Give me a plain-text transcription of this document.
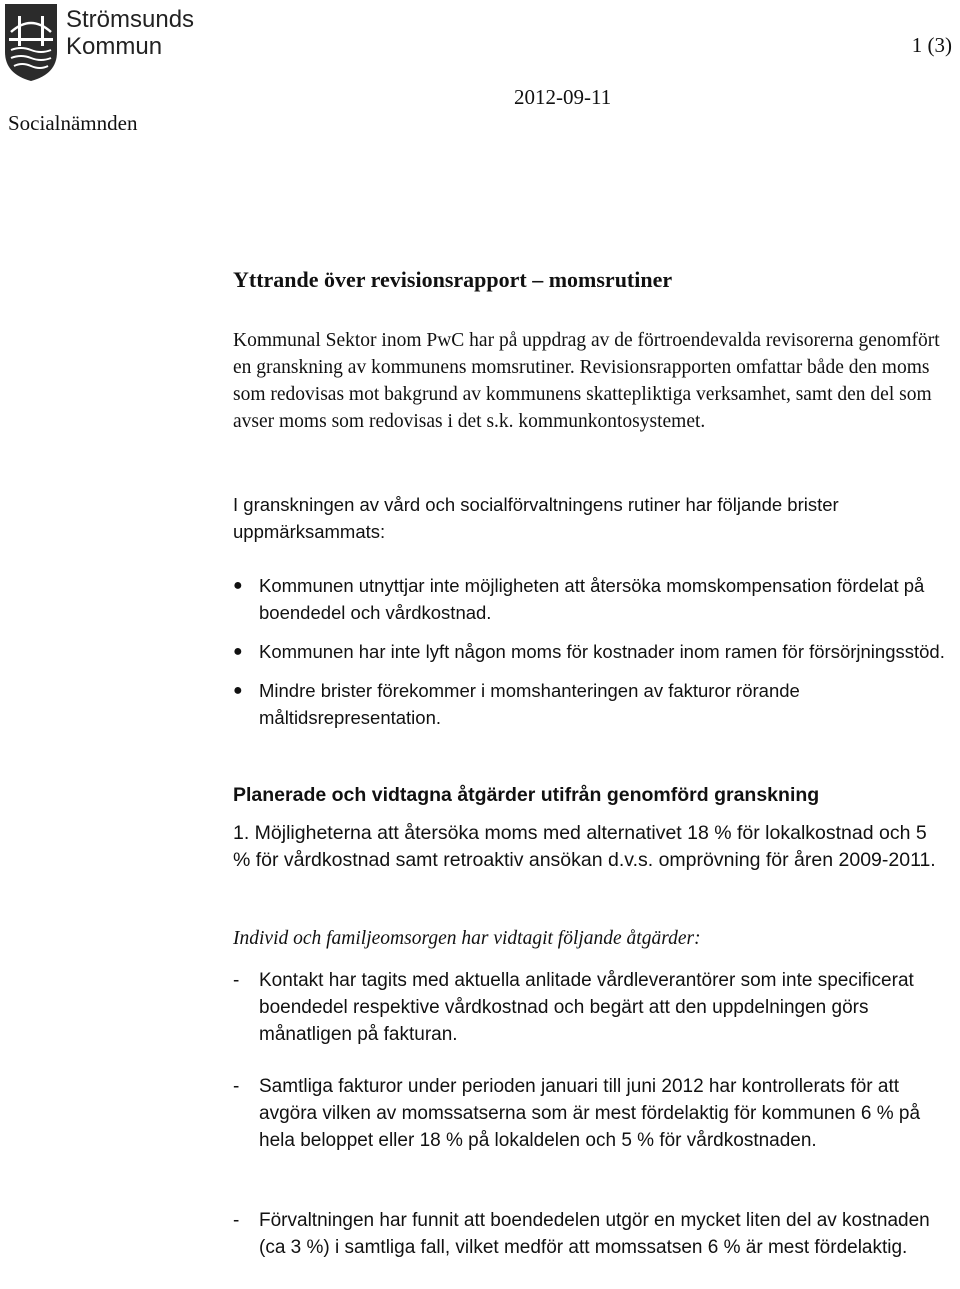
Strömsunds
Kommun	1 (3)
2012-09-11
Socialnämnden
Yttrande över revisionsrapport – momsrutiner

Kommunal Sektor inom PwC har på uppdrag av de förtroendevalda revisorerna genomfört en granskning av kommunens momsrutiner. Revisionsrapporten omfattar både den moms som redovisas mot bakgrund av kommunens skattepliktiga verksamhet, samt den del som avser moms som redovisas i det s.k. kommunkontosystemet.

I granskningen av vård och socialförvaltningens rutiner har följande brister uppmärksammats:

● Kommunen utnyttjar inte möjligheten att återsöka momskompensation fördelat på boendedel och vårdkostnad.
● Kommunen har inte lyft någon moms för kostnader inom ramen för försörjningsstöd.
● Mindre brister förekommer i momshanteringen av fakturor rörande måltidsrepresentation.
Planerade och vidtagna åtgärder utifrån genomförd granskning

1. Möjligheterna att återsöka moms med alternativet 18 % för lokalkostnad och 5 % för vårdkostnad samt retroaktiv ansökan d.v.s. omprövning för åren 2009-2011.

Individ och familjeomsorgen har vidtagit följande åtgärder:
- Kontakt har tagits med aktuella anlitade vårdleverantörer som inte specificerat boendedel respektive vårdkostnad och begärt att den uppdelningen görs månatligen på fakturan.
- Samtliga fakturor under perioden januari till juni 2012 har kontrollerats för att avgöra vilken av momssatserna som är mest fördelaktig för kommunen 6 % på hela beloppet eller 18 % på lokaldelen och 5 % för vårdkostnaden.
- Förvaltningen har funnit att boendedelen utgör en mycket liten del av kostnaden (ca 3 %) i samtliga fall, vilket medför att momssatsen 6 % är mest fördelaktig.
